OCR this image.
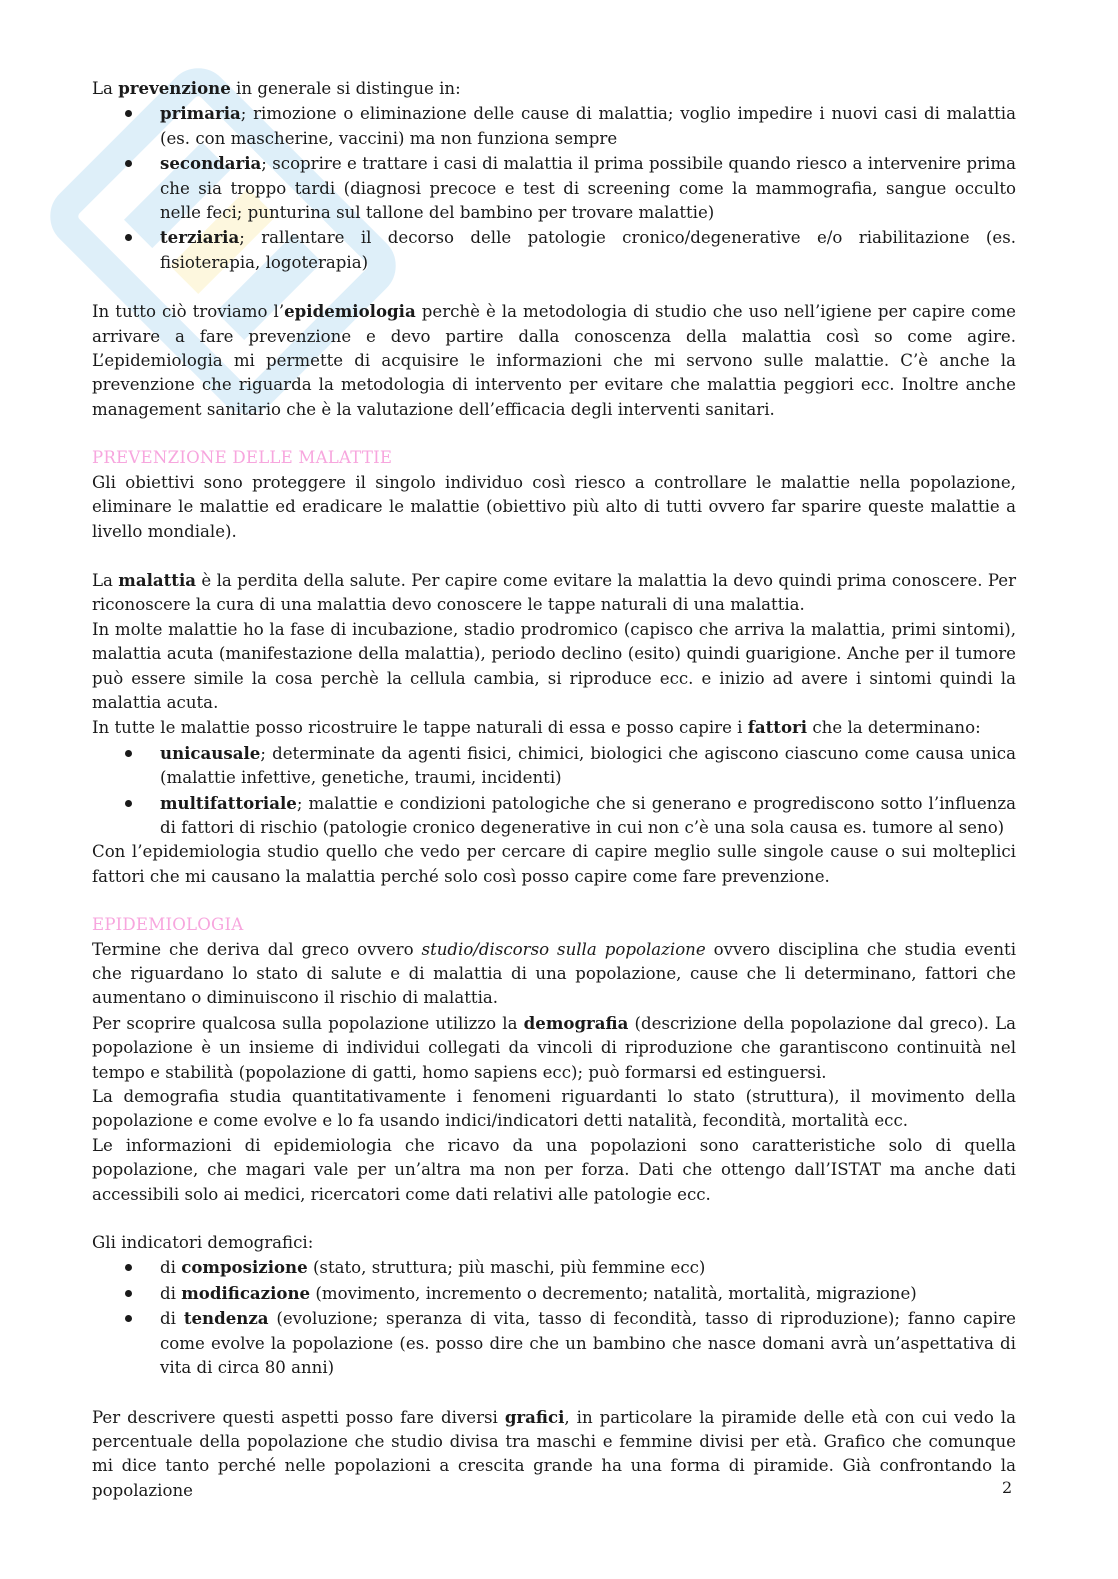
La prevenzione in generale si distingue in:

primaria; rimozione o eliminazione delle cause di malattia; voglio impedire i nuovi casi di malattia (es. con mascherine, vaccini) ma non funziona sempre
secondaria; scoprire e trattare i casi di malattia il prima possibile quando riesco a intervenire prima che sia troppo tardi (diagnosi precoce e test di screening come la mammografia, sangue occulto nelle feci; punturina sul tallone del bambino per trovare malattie)
terziaria; rallentare il decorso delle patologie cronico/degenerative e/o riabilitazione (es. fisioterapia, logoterapia)

In tutto ciò troviamo l’epidemiologia perchè è la metodologia di studio che uso nell’igiene per capire come arrivare a fare prevenzione e devo partire dalla conoscenza della malattia così so come agire. L’epidemiologia mi permette di acquisire le informazioni che mi servono sulle malattie. C’è anche la prevenzione che riguarda la metodologia di intervento per evitare che malattia peggiori ecc. Inoltre anche management sanitario che è la valutazione dell’efficacia degli interventi sanitari.

PREVENZIONE DELLE MALATTIE

Gli obiettivi sono proteggere il singolo individuo così riesco a controllare le malattie nella popolazione, eliminare le malattie ed eradicare le malattie (obiettivo più alto di tutti ovvero far sparire queste malattie a livello mondiale).

La malattia è la perdita della salute. Per capire come evitare la malattia la devo quindi prima conoscere. Per riconoscere la cura di una malattia devo conoscere le tappe naturali di una malattia.

In molte malattie ho la fase di incubazione, stadio prodromico (capisco che arriva la malattia, primi sintomi), malattia acuta (manifestazione della malattia), periodo declino (esito) quindi guarigione. Anche per il tumore può essere simile la cosa perchè la cellula cambia, si riproduce ecc. e inizio ad avere i sintomi quindi la malattia acuta.

In tutte le malattie posso ricostruire le tappe naturali di essa e posso capire i fattori che la determinano:

unicausale; determinate da agenti fisici, chimici, biologici che agiscono ciascuno come causa unica (malattie infettive, genetiche, traumi, incidenti)
multifattoriale; malattie e condizioni patologiche che si generano e progrediscono sotto l’influenza di fattori di rischio (patologie cronico degenerative in cui non c’è una sola causa es. tumore al seno)

Con l’epidemiologia studio quello che vedo per cercare di capire meglio sulle singole cause o sui molteplici fattori che mi causano la malattia perché solo così posso capire come fare prevenzione.

EPIDEMIOLOGIA

Termine che deriva dal greco ovvero studio/discorso sulla popolazione ovvero disciplina che studia eventi che riguardano lo stato di salute e di malattia di una popolazione, cause che li determinano, fattori che aumentano o diminuiscono il rischio di malattia.

Per scoprire qualcosa sulla popolazione utilizzo la demografia (descrizione della popolazione dal greco). La popolazione è un insieme di individui collegati da vincoli di riproduzione che garantiscono continuità nel tempo e stabilità (popolazione di gatti, homo sapiens ecc); può formarsi ed estinguersi.

La demografia studia quantitativamente i fenomeni riguardanti lo stato (struttura), il movimento della popolazione e come evolve e lo fa usando indici/indicatori detti natalità, fecondità, mortalità ecc.

Le informazioni di epidemiologia che ricavo da una popolazioni sono caratteristiche solo di quella popolazione, che magari vale per un’altra ma non per forza. Dati che ottengo dall’ISTAT ma anche dati accessibili solo ai medici, ricercatori come dati relativi alle patologie ecc.

Gli indicatori demografici:

di composizione (stato, struttura; più maschi, più femmine ecc)
di modificazione (movimento, incremento o decremento; natalità, mortalità, migrazione)
di tendenza (evoluzione; speranza di vita, tasso di fecondità, tasso di riproduzione); fanno capire come evolve la popolazione (es. posso dire che un bambino che nasce domani avrà un’aspettativa di vita di circa 80 anni)

Per descrivere questi aspetti posso fare diversi grafici, in particolare la piramide delle età con cui vedo la percentuale della popolazione che studio divisa tra maschi e femmine divisi per età. Grafico che comunque mi dice tanto perché nelle popolazioni a crescita grande ha una forma di piramide. Già confrontando la popolazione	2
